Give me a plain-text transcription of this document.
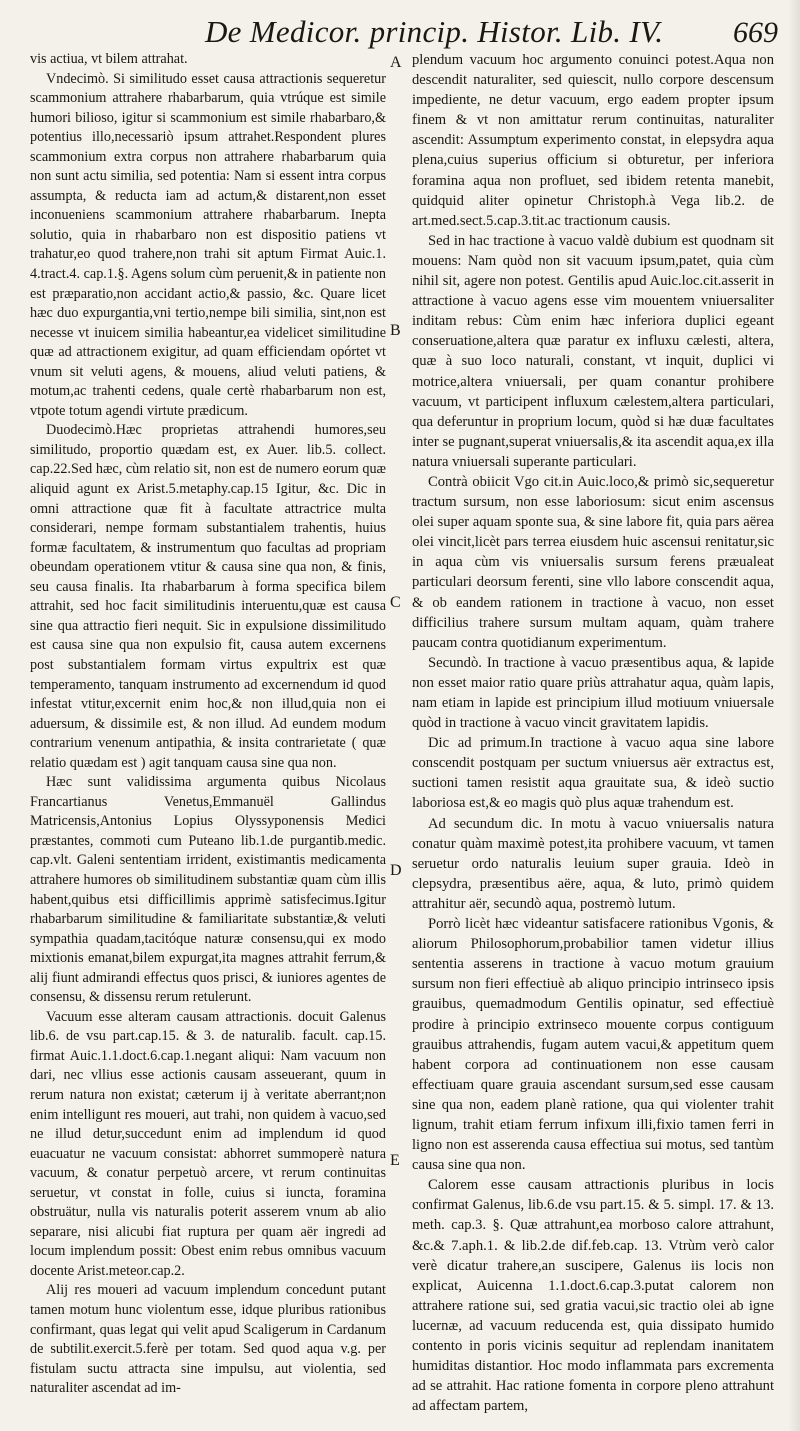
De Medicor. princip. Histor. Lib. IV. 669

vis actiua, vt bilem attrahat.

Vndecimò. Si similitudo esset causa attractionis sequeretur scammonium attrahere rhabarbarum, quia vtrúque est simile humori bilioso, igitur si scammonium est simile rhabarbaro,& potentius illo,necessariò ipsum attrahet.Respondent plures scammonium extra corpus non attrahere rhabarbarum quia non sunt actu similia, sed potentia: Nam si essent intra corpus assumpta, & reducta iam ad actum,& distarent,non esset inconueniens scammonium attrahere rhabarbarum. Inepta solutio, quia in rhabarbaro non est dispositio patiens vt trahatur,eo quod trahere,non trahi sit aptum Firmat Auic.1. 4.tract.4. cap.1.§. Agens solum cùm peruenit,& in patiente non est præparatio,non accidant actio,& passio, &c. Quare licet hæc duo expurgantia,vni tertio,nempe bili similia, sint,non est necesse vt inuicem similia habeantur,ea videlicet similitudine quæ ad attractionem exigitur, ad quam efficiendam opórtet vt vnum sit veluti agens, & mouens, aliud veluti patiens, & motum,ac trahenti cedens, quale certè rhabarbarum non est, vtpote totum agendi virtute prædicum.

Duodecimò.Hæc proprietas attrahendi humores,seu similitudo, proportio quædam est, ex Auer. lib.5. collect. cap.22.Sed hæc, cùm relatio sit, non est de numero eorum quæ aliquid agunt ex Arist.5.metaphy.cap.15 Igitur, &c. Dic in omni attractione quæ fit à facultate attractrice multa considerari, nempe formam substantialem trahentis, huius formæ facultatem, & instrumentum quo facultas ad propriam obeundam operationem vtitur & causa sine qua non, & finis, seu causa finalis. Ita rhabarbarum à forma specifica bilem attrahit, sed hoc facit similitudinis interuentu,quæ est causa sine qua attractio fieri nequit. Sic in expulsione dissimilitudo est causa sine qua non expulsio fit, causa autem excernens post substantialem formam virtus expultrix est quæ temperamento, tanquam instrumento ad excernendum id quod infestat vtitur,excernit enim hoc,& non illud,quia non ei aduersum, & dissimile est, & non illud. Ad eundem modum contrarium venenum antipathia, & insita contrarietate ( quæ relatio quædam est ) agit tanquam causa sine qua non.

Hæc sunt validissima argumenta quibus Nicolaus Francartianus Venetus,Emmanuël Gallindus Matricensis,Antonius Lopius Olyssyponensis Medici præstantes, commoti cum Puteano lib.1.de purgantib.medic. cap.vlt. Galeni sententiam irrident, existimantis medicamenta attrahere humores ob similitudinem substantiæ quam cùm illis habent,quibus etsi difficillimis apprimè satisfecimus.Igitur rhabarbarum similitudine & familiaritate substantiæ,& veluti sympathia quadam,tacitóque naturæ consensu,qui ex modo mixtionis emanat,bilem expurgat,ita magnes attrahit ferrum,& alij fiunt admirandi effectus quos prisci, & iuniores agentes de consensu, & dissensu rerum retulerunt.

Vacuum esse alteram causam attractionis. docuit Galenus lib.6. de vsu part.cap.15. & 3. de naturalib. facult. cap.15. firmat Auic.1.1.doct.6.cap.1.negant aliqui: Nam vacuum non dari, nec vllius esse actionis causam asseuerant, quum in rerum natura non existat; cæterum ij à veritate aberrant;non enim intelligunt res moueri, aut trahi, non quidem à vacuo,sed ne illud detur,succedunt enim ad implendum id quod euacuatur ne vacuum consistat: abhorret summoperè natura vacuum, & conatur perpetuò arcere, vt rerum continuitas seruetur, vt constat in folle, cuius si iuncta, foramina obstruätur, nulla vis naturalis poterit asserem vnum ab alio separare, nisi alicubi fiat ruptura per quam aër ingredi ad locum implendum possit: Obest enim rebus omnibus vacuum docente Arist.meteor.cap.2.

Alij res moueri ad vacuum implendum concedunt putant tamen motum hunc violentum esse, idque pluribus rationibus confirmant, quas legat qui velit apud Scaligerum in Cardanum de subtilit.exercit.5.ferè per totam. Sed quod aqua v.g. per fistulam suctu attracta sine impulsu, aut violentia, sed naturaliter ascendat ad im-

A
B
C
D
E

plendum vacuum hoc argumento conuinci potest.Aqua non descendit naturaliter, sed quiescit, nullo corpore descensum impediente, ne detur vacuum, ergo eadem propter ipsum finem & vt non amittatur rerum continuitas, naturaliter ascendit: Assumptum experimento constat, in elepsydra aqua plena,cuius superius officium si obturetur, per inferiora foramina aqua non profluet, sed ibidem retenta manebit, quidquid aliter opinetur Christoph.à Vega lib.2. de art.med.sect.5.cap.3.tit.ac tractionum causis.

Sed in hac tractione à vacuo valdè dubium est quodnam sit mouens: Nam quòd non sit vacuum ipsum,patet, quia cùm nihil sit, agere non potest. Gentilis apud Auic.loc.cit.asserit in attractione à vacuo agens esse vim mouentem vniuersaliter inditam rebus: Cùm enim hæc inferiora duplici egeant conseruatione,altera quæ paratur ex influxu cælesti, altera, quæ à suo loco naturali, constant, vt inquit, duplici vi motrice,altera vniuersali, per quam conantur prohibere vacuum, vt participent influxum cælestem,altera particulari, qua deferuntur in proprium locum, quòd si hæ duæ facultates inter se pugnant,superat vniuersalis,& ita ascendit aqua,ex illa natura vniuersali superante particulari.

Contrà obiicit Vgo cit.in Auic.loco,& primò sic,sequeretur tractum sursum, non esse laboriosum: sicut enim ascensus olei super aquam sponte sua, & sine labore fit, quia pars aërea olei vincit,licèt pars terrea eiusdem huic ascensui renitatur,sic in aqua cùm vis vniuersalis sursum ferens præualeat particulari deorsum ferenti, sine vllo labore conscendit aqua, & ob eandem rationem in tractione à vacuo, non esset difficilius trahere sursum multam aquam, quàm trahere paucam contra quotidianum experimentum.

Secundò. In tractione à vacuo præsentibus aqua, & lapide non esset maior ratio quare priùs attrahatur aqua, quàm lapis, nam etiam in lapide est principium illud motiuum vniuersale quòd in tractione à vacuo vincit gravitatem lapidis.

Dic ad primum.In tractione à vacuo aqua sine labore conscendit postquam per suctum vniuersus aër extractus est, suctioni tamen resistit aqua grauitate sua, & ideò suctio laboriosa est,& eo magis quò plus aquæ trahendum est.

Ad secundum dic. In motu à vacuo vniuersalis natura conatur quàm maximè potest,ita prohibere vacuum, vt tamen seruetur ordo naturalis leuium super grauia. Ideò in clepsydra, præsentibus aëre, aqua, & luto, primò quidem attrahitur aër, secundò aqua, postremò lutum.

Porrò licèt hæc videantur satisfacere rationibus Vgonis, & aliorum Philosophorum,probabilior tamen videtur illius sententia asserens in tractione à vacuo motum grauium sursum non fieri effectiuè ab aliquo principio intrinseco ipsis grauibus, quemadmodum Gentilis opinatur, sed effectiuè prodire à principio extrinseco mouente corpus contiguum grauibus attrahendis, fugam autem vacui,& appetitum quem habent corpora ad continuationem non esse causam effectiuam quare grauia ascendant sursum,sed esse causam sine qua non, eadem planè ratione, qua qui violenter trahit lignum, trahit etiam ferrum infixum illi,fixio tamen ferri in ligno non est asserenda causa effectiua sui motus, sed tantùm causa sine qua non.

Calorem esse causam attractionis pluribus in locis confirmat Galenus, lib.6.de vsu part.15. & 5. simpl. 17. & 13. meth. cap.3. §. Quæ attrahunt,ea morboso calore attrahunt, &c.& 7.aph.1. & lib.2.de dif.feb.cap. 13. Vtrùm verò calor verè dicatur trahere,an suscipere, Galenus iis locis non explicat, Auicenna 1.1.doct.6.cap.3.putat calorem non attrahere ratione sui, sed gratia vacui,sic tractio olei ab igne lucernæ, ad vacuum reducenda est, quia dissipato humido contento in poris vicinis sequitur ad replendam inanitatem humiditas distantior. Hoc modo inflammata pars excrementa ad se attrahit. Hac ratione fomenta in corpore pleno attrahunt ad affectam partem,
